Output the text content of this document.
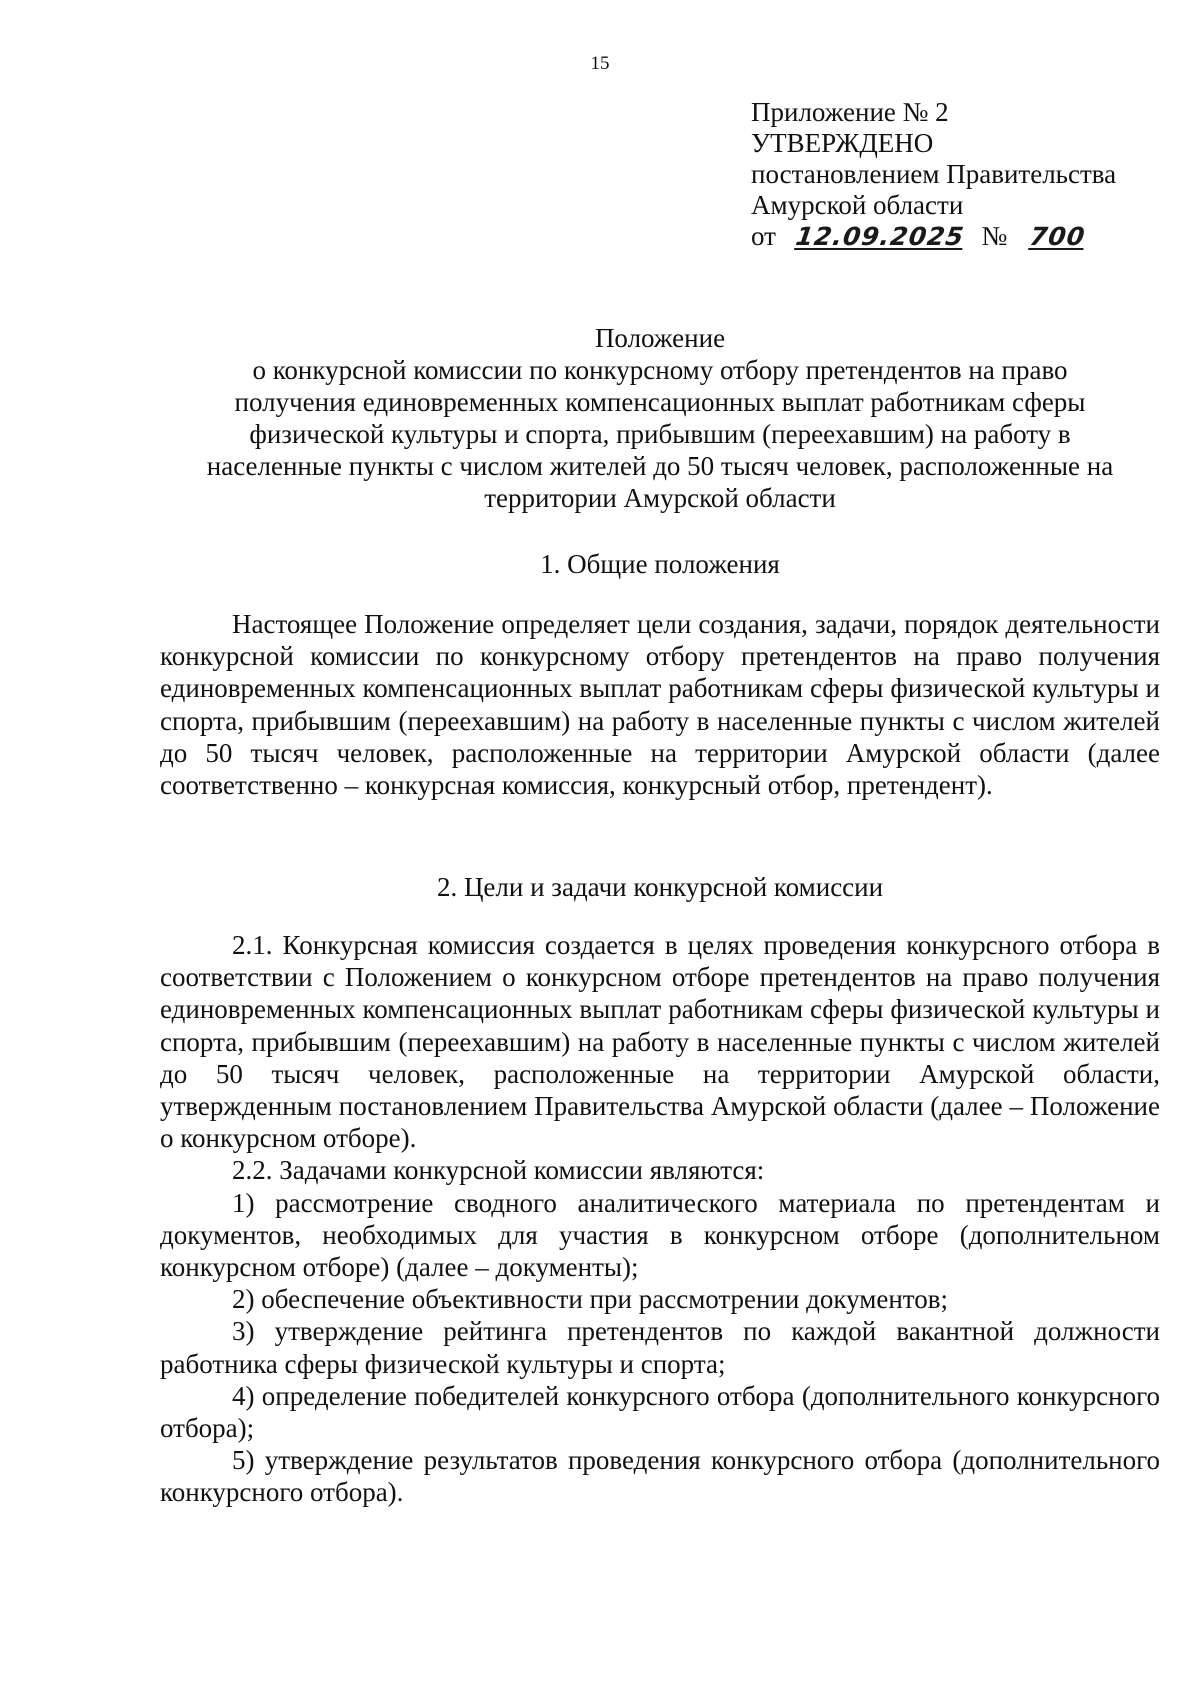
15
Приложение № 2
УТВЕРЖДЕНО
постановлением Правительства
Амурской области
от 12.09.2025 № 700
Положение
о конкурсной комиссии по конкурсному отбору претендентов на право
получения единовременных компенсационных выплат работникам сферы
физической культуры и спорта, прибывшим (переехавшим) на работу в
населенные пункты с числом жителей до 50 тысяч человек, расположенные на
территории Амурской области
1. Общие положения

Настоящее Положение определяет цели создания, задачи, порядок деятельности конкурсной комиссии по конкурсному отбору претендентов на право получения единовременных компенсационных выплат работникам сферы физической культуры и спорта, прибывшим (переехавшим) на работу в населенные пункты с числом жителей до 50 тысяч человек, расположенные на территории Амурской области (далее соответственно – конкурсная комиссия, конкурсный отбор, претендент).

2. Цели и задачи конкурсной комиссии

2.1. Конкурсная комиссия создается в целях проведения конкурсного отбора в соответствии с Положением о конкурсном отборе претендентов на право получения единовременных компенсационных выплат работникам сферы физической культуры и спорта, прибывшим (переехавшим) на работу в населенные пункты с числом жителей до 50 тысяч человек, расположенные на территории Амурской области, утвержденным постановлением Правительства Амурской области (далее – Положение о конкурсном отборе).

2.2. Задачами конкурсной комиссии являются:

1) рассмотрение сводного аналитического материала по претендентам и документов, необходимых для участия в конкурсном отборе (дополнительном конкурсном отборе) (далее – документы);

2) обеспечение объективности при рассмотрении документов;

3) утверждение рейтинга претендентов по каждой вакантной должности работника сферы физической культуры и спорта;

4) определение победителей конкурсного отбора (дополнительного конкурсного отбора);

5) утверждение результатов проведения конкурсного отбора (дополнительного конкурсного отбора).
